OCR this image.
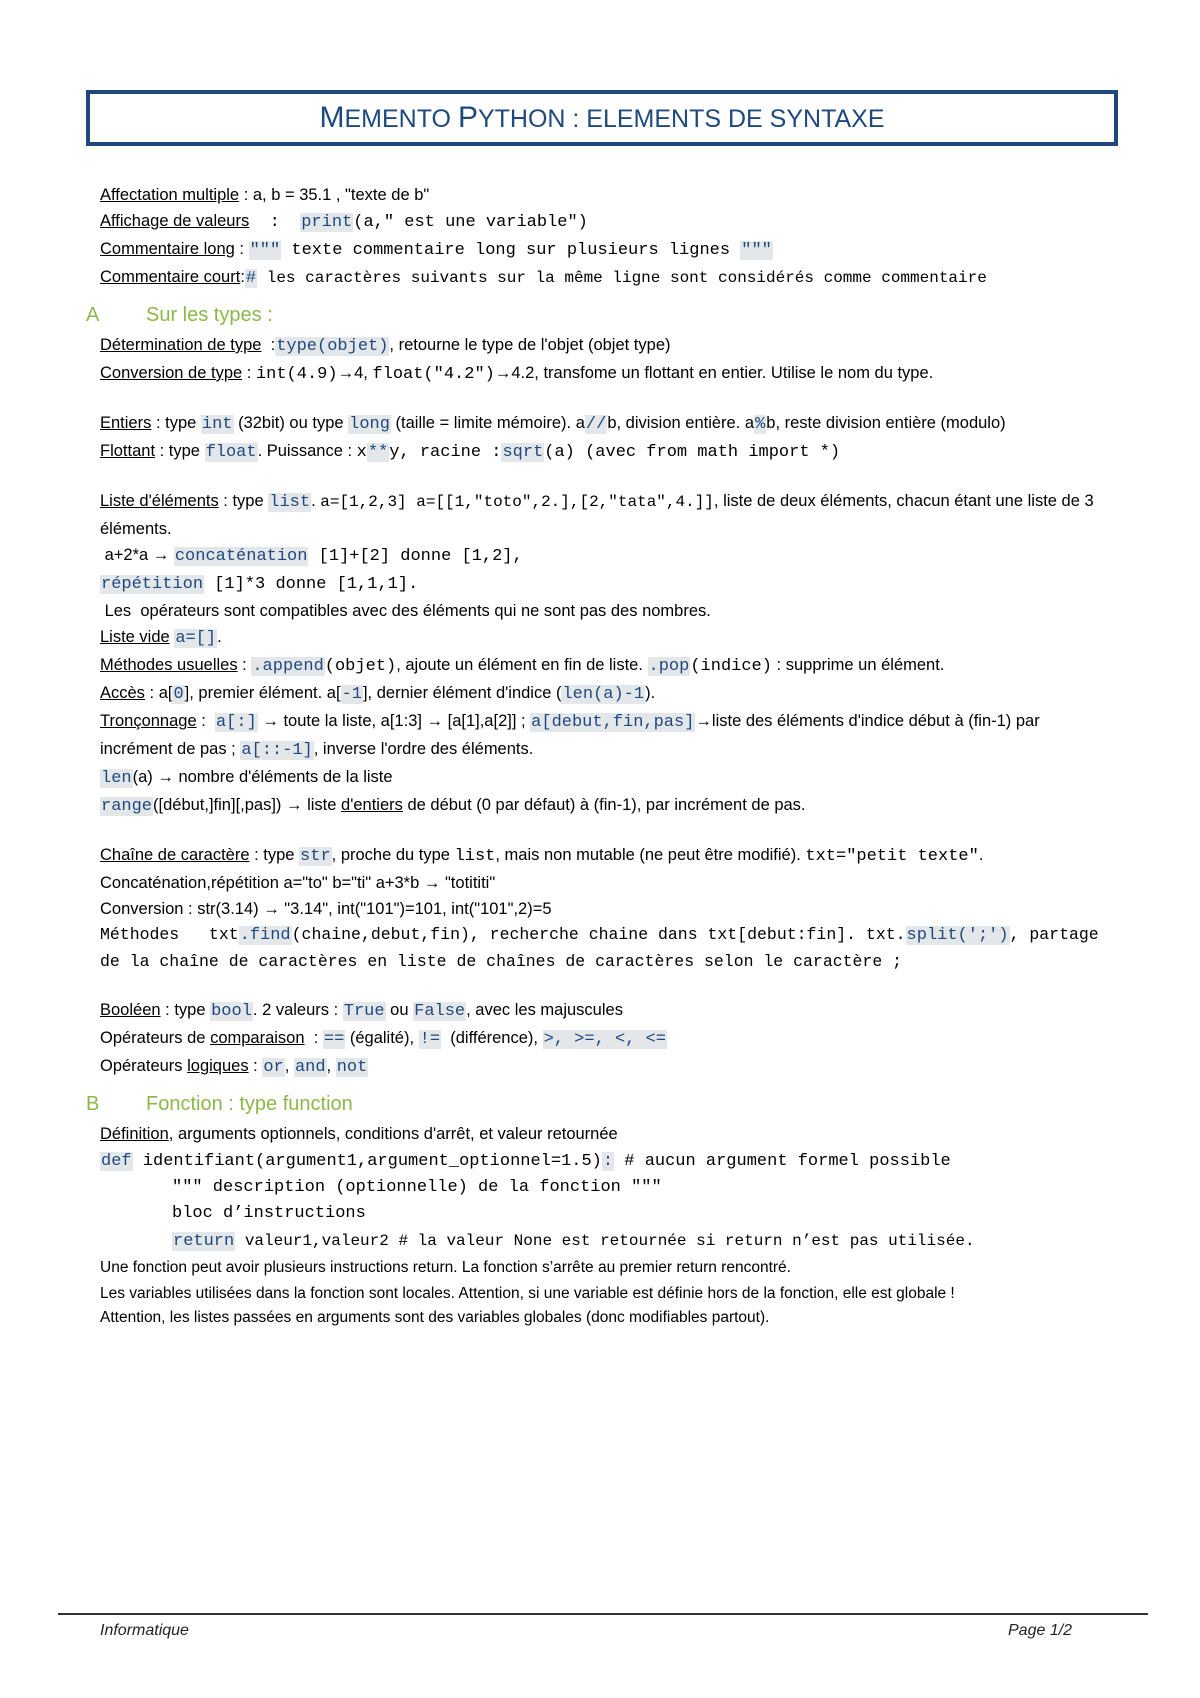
MEMENTO PYTHON : ELEMENTS DE SYNTAXE
Affectation multiple : a, b = 35.1 , "texte de b"
Affichage de valeurs  :  print(a," est une variable")
Commentaire long : """ texte commentaire long sur plusieurs lignes """
Commentaire court:# les caractères suivants sur la même ligne sont considérés comme commentaire
A	Sur les types :
Détermination de type  :type(objet), retourne le type de l'objet (objet type)
Conversion de type : int(4.9)→4, float("4.2")→4.2, transfome un flottant en entier. Utilise le nom du type.
Entiers : type int (32bit) ou type long (taille = limite mémoire). a//b, division entière. a%b, reste division entière (modulo)
Flottant : type float. Puissance : x**y, racine :sqrt(a) (avec from math import *)
Liste d'éléments : type list. a=[1,2,3] a=[[1,"toto",2.],[2,"tata",4.]], liste de deux éléments, chacun étant une liste de 3 éléments.
a+2*a → concaténation [1]+[2] donne [1,2],
répétition [1]*3 donne [1,1,1].
Les  opérateurs sont compatibles avec des éléments qui ne sont pas des nombres.
Liste vide a=[].
Méthodes usuelles : .append(objet), ajoute un élément en fin de liste. .pop(indice) : supprime un élément.
Accès : a[0], premier élément. a[-1], dernier élément d'indice (len(a)-1).
Tronçonnage :  a[:] → toute la liste, a[1:3] → [a[1],a[2]] ; a[debut,fin,pas]→liste des éléments d'indice début à (fin-1) par incrément de pas ; a[::-1], inverse l'ordre des éléments.
len(a) → nombre d'éléments de la liste
range([début,]fin][,pas]) → liste d'entiers de début (0 par défaut) à (fin-1), par incrément de pas.
Chaîne de caractère : type str, proche du type list, mais non mutable (ne peut être modifié). txt="petit texte".
Concaténation,répétition a="to" b="ti" a+3*b → "totititi"
Conversion : str(3.14) → "3.14", int("101")=101, int("101",2)=5
Méthodes   txt.find(chaine,debut,fin), recherche chaine dans txt[debut:fin]. txt.split(';'), partage de la chaîne de caractères en liste de chaînes de caractères selon le caractère ;
Booléen : type bool. 2 valeurs : True ou False, avec les majuscules
Opérateurs de comparaison  : == (égalité), !=  (différence), >, >=, <, <=
Opérateurs logiques : or, and, not
B	Fonction : type function
Définition, arguments optionnels, conditions d'arrêt, et valeur retournée
def identifiant(argument1,argument_optionnel=1.5): # aucun argument formel possible
""" description (optionnelle) de la fonction """
bloc d’instructions
return valeur1,valeur2 # la valeur None est retournée si return n’est pas utilisée.
Une fonction peut avoir plusieurs instructions return. La fonction s’arrête au premier return rencontré.
Les variables utilisées dans la fonction sont locales. Attention, si une variable est définie hors de la fonction, elle est globale !
Attention, les listes passées en arguments sont des variables globales (donc modifiables partout).
Informatique	Page 1/2
